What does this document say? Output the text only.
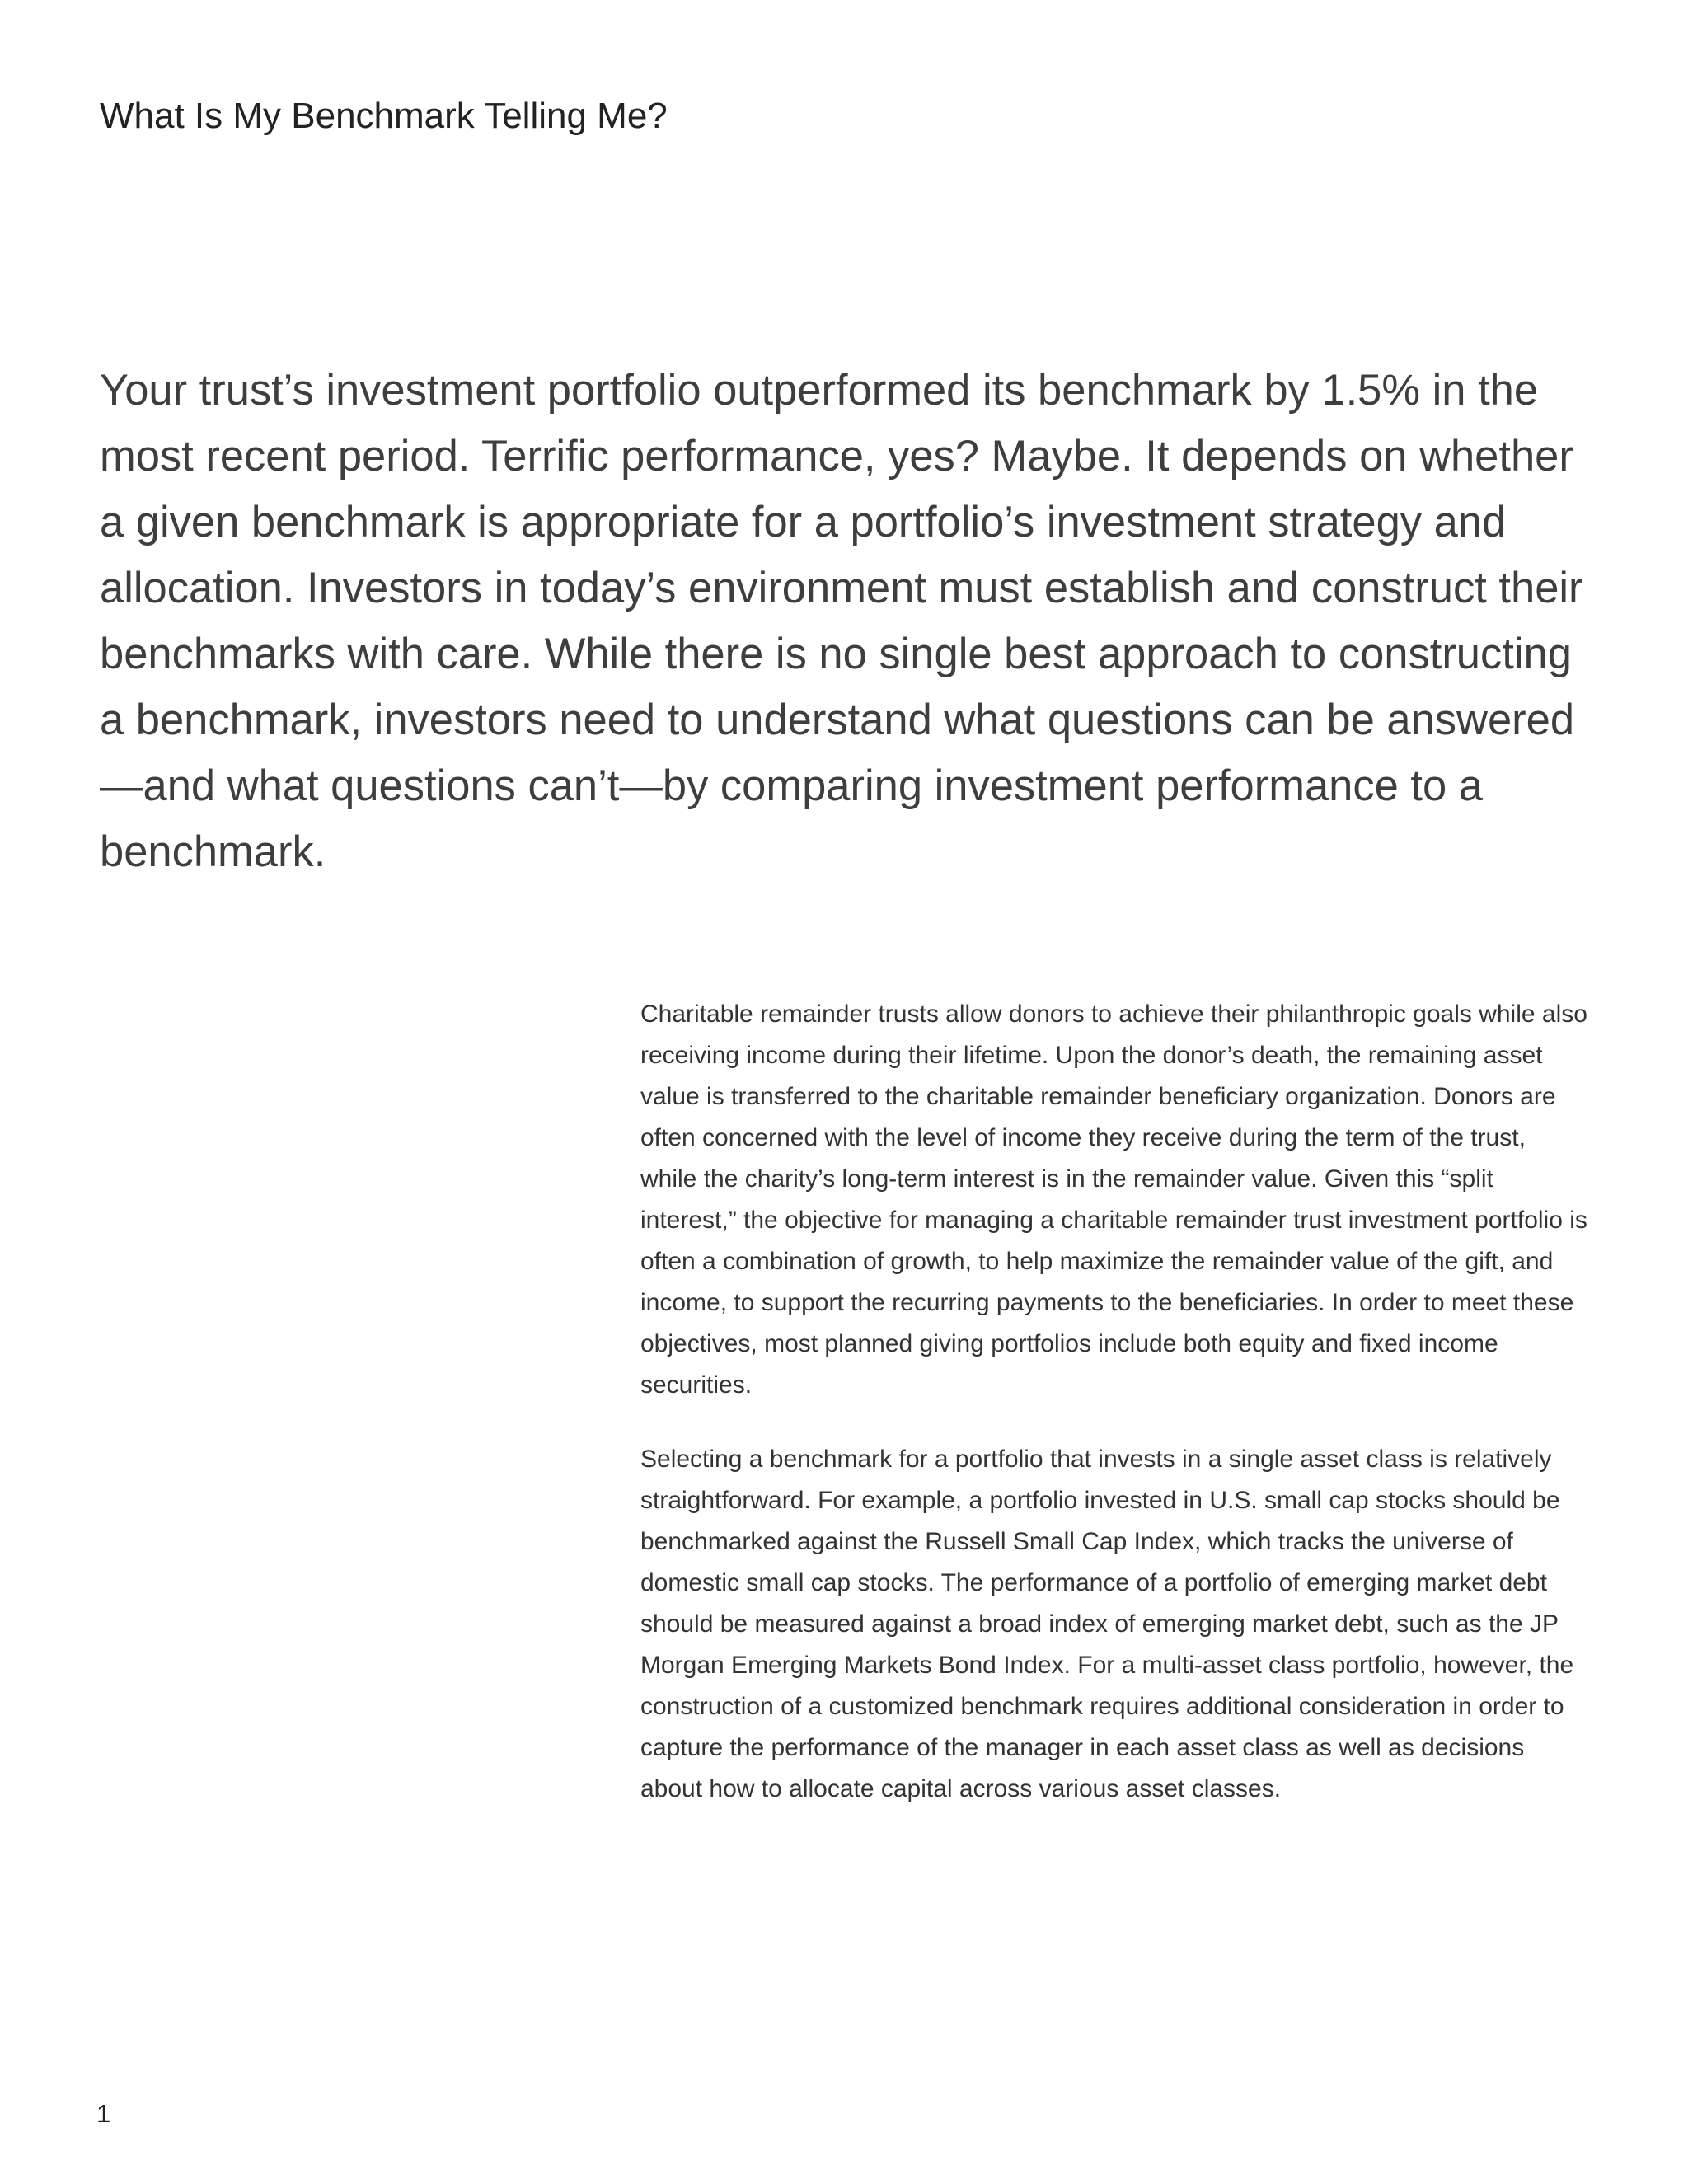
What Is My Benchmark Telling Me?

Your trust’s investment portfolio outperformed its benchmark by 1.5% in the most recent period. Terrific performance, yes? Maybe. It depends on whether a given benchmark is appropriate for a portfolio’s investment strategy and allocation. Investors in today’s environment must establish and construct their benchmarks with care. While there is no single best approach to constructing a benchmark, investors need to understand what questions can be answered—and what questions can’t—by comparing investment performance to a benchmark.

Charitable remainder trusts allow donors to achieve their philanthropic goals while also receiving income during their lifetime. Upon the donor’s death, the remaining asset value is transferred to the charitable remainder beneficiary organization. Donors are often concerned with the level of income they receive during the term of the trust, while the charity’s long-term interest is in the remainder value. Given this “split interest,” the objective for managing a charitable remainder trust investment portfolio is often a combination of growth, to help maximize the remainder value of the gift, and income, to support the recurring payments to the beneficiaries. In order to meet these objectives, most planned giving portfolios include both equity and fixed income securities.

Selecting a benchmark for a portfolio that invests in a single asset class is relatively straightforward. For example, a portfolio invested in U.S. small cap stocks should be benchmarked against the Russell Small Cap Index, which tracks the universe of domestic small cap stocks. The performance of a portfolio of emerging market debt should be measured against a broad index of emerging market debt, such as the JP Morgan Emerging Markets Bond Index. For a multi-asset class portfolio, however, the construction of a customized benchmark requires additional consideration in order to capture the performance of the manager in each asset class as well as decisions about how to allocate capital across various asset classes.

1
